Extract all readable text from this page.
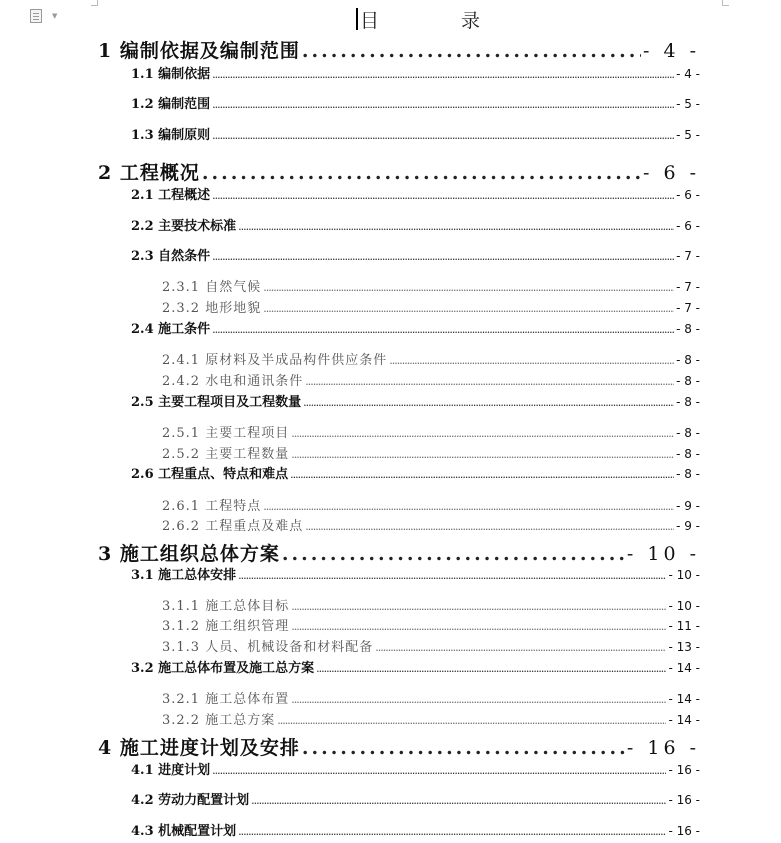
▼	目 录
1 编制依据及编制范围 .....	- 4 -
1.1 编制依据 .....	- 4 -
1.2 编制范围 .....	- 5 -
1.3 编制原则 .....	- 5 -
2 工程概况 .....	- 6 -
2.1 工程概述 .....	- 6 -
2.2 主要技术标准 .....	- 6 -
2.3 自然条件 .....	- 7 -
2.3.1 自然气候 .....	- 7 -
2.3.2 地形地貌 .....	- 7 -
2.4 施工条件 .....	- 8 -
2.4.1 原材料及半成品构件供应条件 .....	- 8 -
2.4.2 水电和通讯条件 .....	- 8 -
2.5 主要工程项目及工程数量 .....	- 8 -
2.5.1 主要工程项目 .....	- 8 -
2.5.2 主要工程数量 .....	- 8 -
2.6 工程重点、特点和难点 .....	- 8 -
2.6.1 工程特点 .....	- 9 -
2.6.2 工程重点及难点 .....	- 9 -
3 施工组织总体方案 .....	- 10 -
3.1 施工总体安排 .....	- 10 -
3.1.1 施工总体目标 .....	- 10 -
3.1.2 施工组织管理 .....	- 11 -
3.1.3 人员、机械设备和材料配备 .....	- 13 -
3.2 施工总体布置及施工总方案 .....	- 14 -
3.2.1 施工总体布置 .....	- 14 -
3.2.2 施工总方案 .....	- 14 -
4 施工进度计划及安排 .....	- 16 -
4.1 进度计划 .....	- 16 -
4.2 劳动力配置计划 .....	- 16 -
4.3 机械配置计划 .....	- 16 -
